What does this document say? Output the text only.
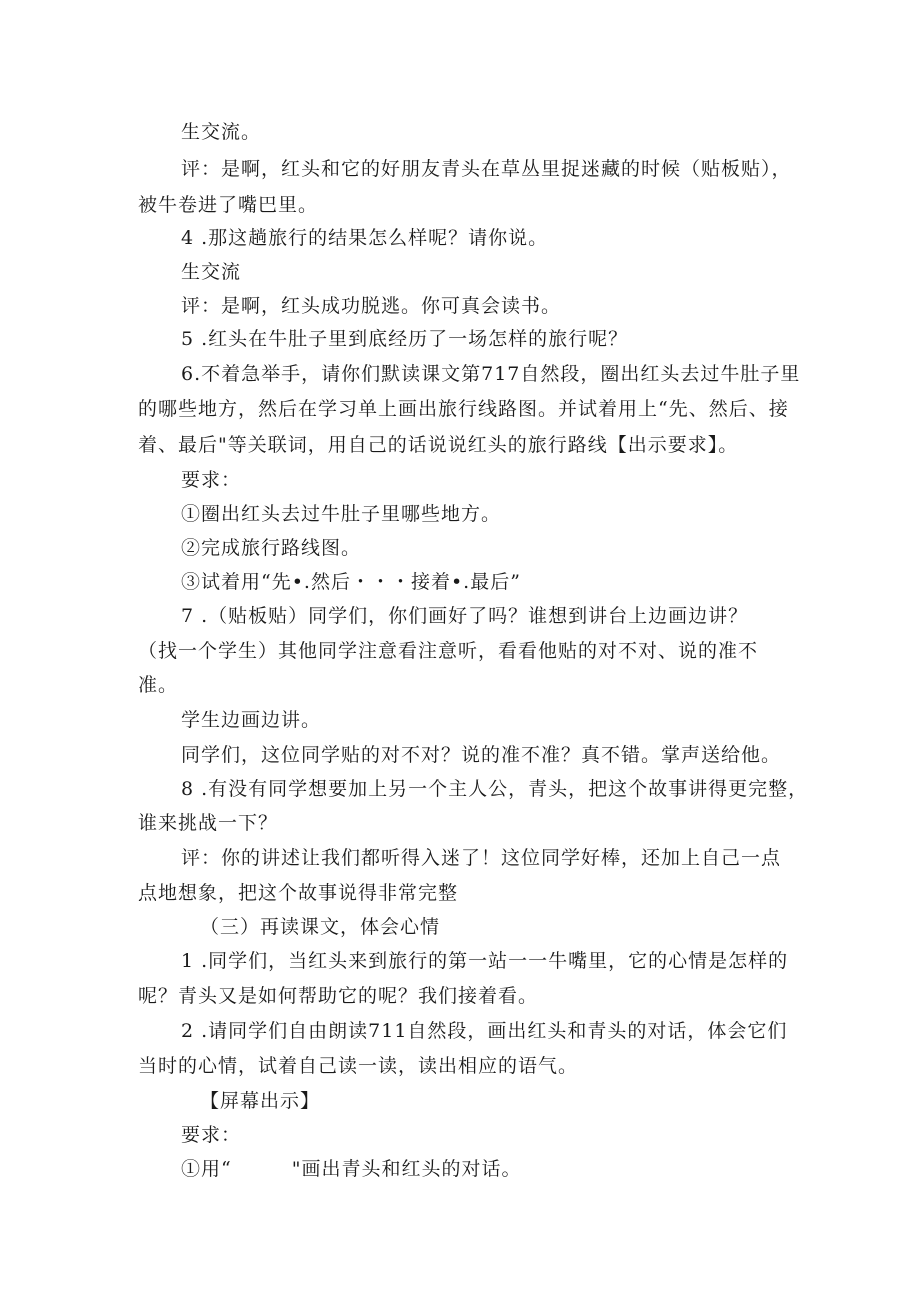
生交流。
评：是啊，红头和它的好朋友青头在草丛里捉迷藏的时候（贴板贴），
被牛卷进了嘴巴里。
4 .那这趟旅行的结果怎么样呢？请你说。
生交流
评：是啊，红头成功脱逃。你可真会读书。
5 .红头在牛肚子里到底经历了一场怎样的旅行呢？
6.不着急举手，请你们默读课文第717自然段，圈出红头去过牛肚子里
的哪些地方，然后在学习单上画出旅行线路图。并试着用上“先、然后、接
着、最后"等关联词，用自己的话说说红头的旅行路线【出示要求】。
要求：
①圈出红头去过牛肚子里哪些地方。
②完成旅行路线图。
③试着用“先•.然后・・・接着•.最后”
7 .（贴板贴）同学们，你们画好了吗？谁想到讲台上边画边讲？
（找一个学生）其他同学注意看注意听，看看他贴的对不对、说的准不
准。
学生边画边讲。
同学们，这位同学贴的对不对？说的准不准？真不错。掌声送给他。
8 .有没有同学想要加上另一个主人公，青头，把这个故事讲得更完整，
谁来挑战一下？
评：你的讲述让我们都听得入迷了！这位同学好棒，还加上自己一点
点地想象，把这个故事说得非常完整
（三）再读课文，体会心情
1 .同学们，当红头来到旅行的第一站一一牛嘴里，它的心情是怎样的
呢？青头又是如何帮助它的呢？我们接着看。
2 .请同学们自由朗读711自然段，画出红头和青头的对话，体会它们
当时的心情，试着自己读一读，读出相应的语气。
【屏幕出示】
要求：
①用“　　　"画出青头和红头的对话。
